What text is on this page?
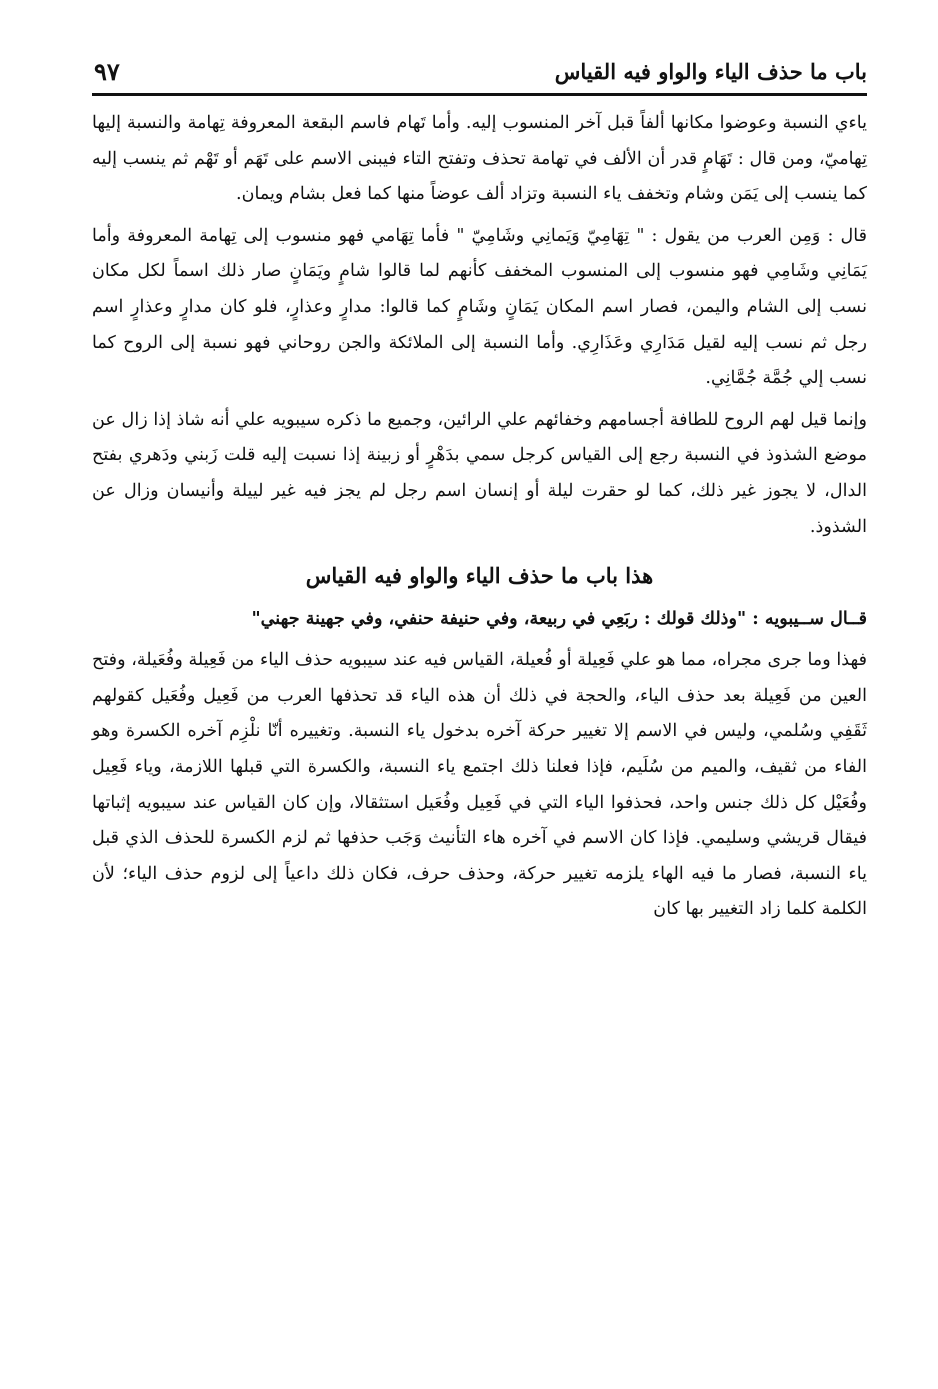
باب ما حذف الياء والواو فيه القياس
٩٧

ياءي النسبة وعوضوا مكانها ألفاً قبل آخر المنسوب إليه. وأما تَهام فاسم البقعة المعروفة تِهامة والنسبة إليها تِهاميّ، ومن قال : تَهَامٍ قدر أن الألف في تهامة تحذف وتفتح التاء فيبنى الاسم على تَهَم أو تَهْم ثم ينسب إليه كما ينسب إلى يَمَن وشام وتخفف ياء النسبة وتزاد ألف عوضاً منها كما فعل بشام ويمان.

قال : وَمِن العرب من يقول : " تِهَامِيّ وَيَمانِي وشَامِيّ " فأما تِهَامي فهو منسوب إلى تِهامة المعروفة وأما يَمَانِي وشَامِي فهو منسوب إلى المنسوب المخفف كأنهم لما قالوا شامٍ ويَمَانٍ صار ذلك اسماً لكل مكان نسب إلى الشام واليمن، فصار اسم المكان يَمَانٍ وشَامٍ كما قالوا: مدارٍ وعذارٍ، فلو كان مدارٍ وعذارٍ اسم رجل ثم نسب إليه لقيل مَدَارِي وعَذَارِي. وأما النسبة إلى الملائكة والجن روحاني فهو نسبة إلى الروح كما نسب إلي جُمَّة جُمَّانِي.

وإنما قيل لهم الروح للطافة أجسامهم وخفائهم علي الرائين، وجميع ما ذكره سيبويه علي أنه شاذ إذا زال عن موضع الشذوذ في النسبة رجع إلى القياس كرجل سمي بدَهْرٍ أو زبينة إذا نسبت إليه قلت زَبني ودَهري بفتح الدال، لا يجوز غير ذلك، كما لو حقرت ليلة أو إنسان اسم رجل لم يجز فيه غير لييلة وأنيسان وزال عن الشذوذ.

هذا باب ما حذف الياء والواو فيه القياس

قــال ســيبويه : "وذلك قولك : ربَعِي في ربيعة، وفي حنيفة حنفي، وفي جهينة جهني"

فهذا وما جرى مجراه، مما هو علي فَعِيلة أو فُعيلة، القياس فيه عند سيبويه حذف الياء من فَعِيلة وفُعَيلة، وفتح العين من فَعِيلة بعد حذف الياء، والحجة في ذلك أن هذه الياء قد تحذفها العرب من فَعِيل وفُعَيل كقولهم ثَقَفِي وسُلمي، وليس في الاسم إلا تغيير حركة آخره بدخول ياء النسبة. وتغييره أنّا نلْزِم آخره الكسرة وهو الفاء من ثقيف، والميم من سُلَيم، فإذا فعلنا ذلك اجتمع ياء النسبة، والكسرة التي قبلها اللازمة، وياء فَعِيل وفُعَيْل كل ذلك جنس واحد، فحذفوا الياء التي في فَعِيل وفُعَيل استثقالا، وإن كان القياس عند سيبويه إثباتها فيقال قريشي وسليمي. فإذا كان الاسم في آخره هاء التأنيث وَجَب حذفها ثم لزم الكسرة للحذف الذي قبل ياء النسبة، فصار ما فيه الهاء يلزمه تغيير حركة، وحذف حرف، فكان ذلك داعياً إلى لزوم حذف الياء؛ لأن الكلمة كلما زاد التغيير بها كان
